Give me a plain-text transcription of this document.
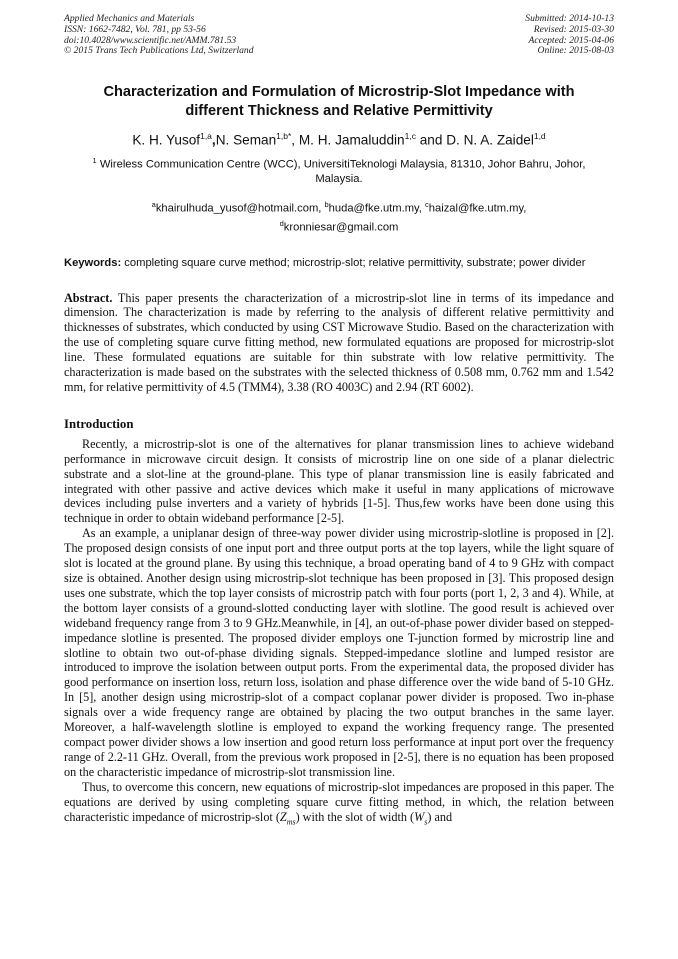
Applied Mechanics and Materials
ISSN: 1662-7482, Vol. 781, pp 53-56
doi:10.4028/www.scientific.net/AMM.781.53
© 2015 Trans Tech Publications Ltd, Switzerland
Submitted: 2014-10-13
Revised: 2015-03-30
Accepted: 2015-04-06
Online: 2015-08-03
Characterization and Formulation of Microstrip-Slot Impedance with
different Thickness and Relative Permittivity
K. H. Yusof$^{1,a}$,N. Seman$^{1,b*}$, M. H. Jamaluddin$^{1,c}$ and D. N. A. Zaidel$^{1,d}$
$^1$ Wireless Communication Centre (WCC), UniversitiTeknologi Malaysia, 81310, Johor Bahru, Johor, Malaysia.
$^a$khairulhuda_yusof@hotmail.com, $^b$huda@fke.utm.my, $^c$haizal@fke.utm.my,
$^d$kronniesar@gmail.com
Keywords: completing square curve method; microstrip-slot; relative permittivity, substrate; power divider
Abstract. This paper presents the characterization of a microstrip-slot line in terms of its impedance and dimension. The characterization is made by referring to the analysis of different relative permittivity and thicknesses of substrates, which conducted by using CST Microwave Studio. Based on the characterization with the use of completing square curve fitting method, new formulated equations are proposed for microstrip-slot line. These formulated equations are suitable for thin substrate with low relative permittivity. The characterization is made based on the substrates with the selected thickness of 0.508 mm, 0.762 mm and 1.542 mm, for relative permittivity of 4.5 (TMM4), 3.38 (RO 4003C) and 2.94 (RT 6002).
Introduction
Recently, a microstrip-slot is one of the alternatives for planar transmission lines to achieve wideband performance in microwave circuit design. It consists of microstrip line on one side of a planar dielectric substrate and a slot-line at the ground-plane. This type of planar transmission line is easily fabricated and integrated with other passive and active devices which make it useful in many applications of microwave devices including pulse inverters and a variety of hybrids [1-5]. Thus,few works have been done using this technique in order to obtain wideband performance [2-5].
As an example, a uniplanar design of three-way power divider using microstrip-slotline is proposed in [2]. The proposed design consists of one input port and three output ports at the top layers, while the light square of slot is located at the ground plane. By using this technique, a broad operating band of 4 to 9 GHz with compact size is obtained. Another design using microstrip-slot technique has been proposed in [3]. This proposed design uses one substrate, which the top layer consists of microstrip patch with four ports (port 1, 2, 3 and 4). While, at the bottom layer consists of a ground-slotted conducting layer with slotline. The good result is achieved over wideband frequency range from 3 to 9 GHz.Meanwhile, in [4], an out-of-phase power divider based on stepped-impedance slotline is presented. The proposed divider employs one T-junction formed by microstrip line and slotline to obtain two out-of-phase dividing signals. Stepped-impedance slotline and lumped resistor are introduced to improve the isolation between output ports. From the experimental data, the proposed divider has good performance on insertion loss, return loss, isolation and phase difference over the wide band of 5-10 GHz. In [5], another design using microstrip-slot of a compact coplanar power divider is proposed. Two in-phase signals over a wide frequency range are obtained by placing the two output branches in the same layer. Moreover, a half-wavelength slotline is employed to expand the working frequency range. The presented compact power divider shows a low insertion and good return loss performance at input port over the frequency range of 2.2-11 GHz. Overall, from the previous work proposed in [2-5], there is no equation has been proposed on the characteristic impedance of microstrip-slot transmission line.
Thus, to overcome this concern, new equations of microstrip-slot impedances are proposed in this paper. The equations are derived by using completing square curve fitting method, in which, the relation between characteristic impedance of microstrip-slot $(Z_{ms})$ with the slot of width $(W_s)$ and
